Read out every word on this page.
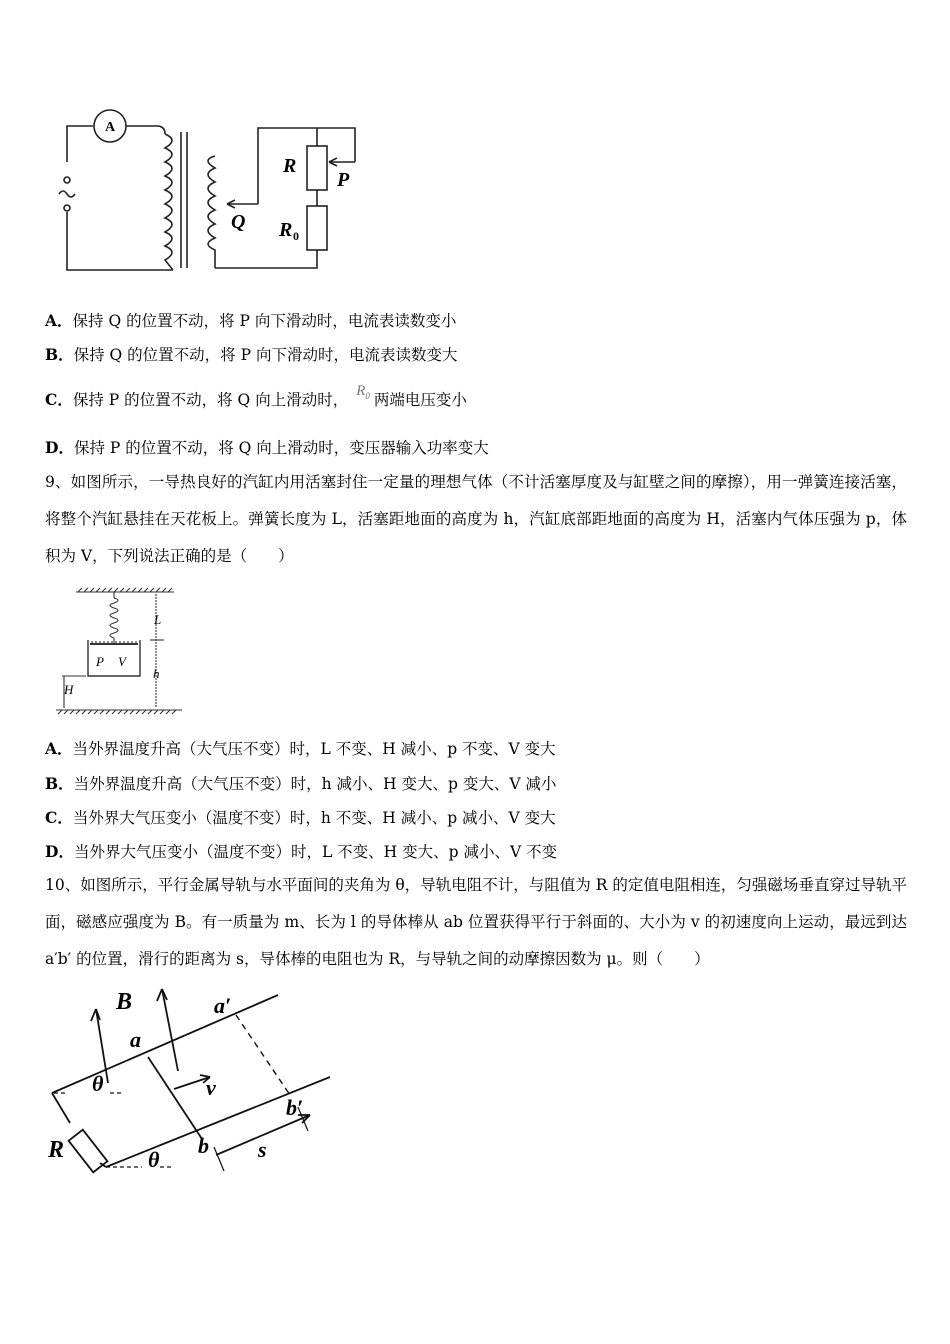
A
R
P
Q R 0
A．保持 Q 的位置不动，将 P 向下滑动时，电流表读数变小
B．保持 Q 的位置不动，将 P 向下滑动时，电流表读数变大
C．保持 P 的位置不动，将 Q 向上滑动时， $R_0$ 两端电压变小
D．保持 P 的位置不动，将 Q 向上滑动时，变压器输入功率变大
9、如图所示，一导热良好的汽缸内用活塞封住一定量的理想气体（不计活塞厚度及与缸壁之间的摩擦），用一弹簧连接活塞，将整个汽缸悬挂在天花板上。弹簧长度为 L，活塞距地面的高度为 h，汽缸底部距地面的高度为 H，活塞内气体压强为 p，体积为 V，下列说法正确的是（　　）
L
h
H
P V
A．当外界温度升高（大气压不变）时，L 不变、H 减小、p 不变、V 变大
B．当外界温度升高（大气压不变）时，h 减小、H 变大、p 变大、V 减小
C．当外界大气压变小（温度不变）时，h 不变、H 减小、p 减小、V 变大
D．当外界大气压变小（温度不变）时，L 不变、H 变大、p 减小、V 不变
10、如图所示，平行金属导轨与水平面间的夹角为 θ，导轨电阻不计，与阻值为 R 的定值电阻相连，匀强磁场垂直穿过导轨平面，磁感应强度为 B。有一质量为 m、长为 l 的导体棒从 ab 位置获得平行于斜面的、大小为 v 的初速度向上运动，最远到达 a′b′ 的位置，滑行的距离为 s，导体棒的电阻也为 R，与导轨之间的动摩擦因数为 μ。则（　　）
B
a
a′
v
θ
b′
R	b s
θ
